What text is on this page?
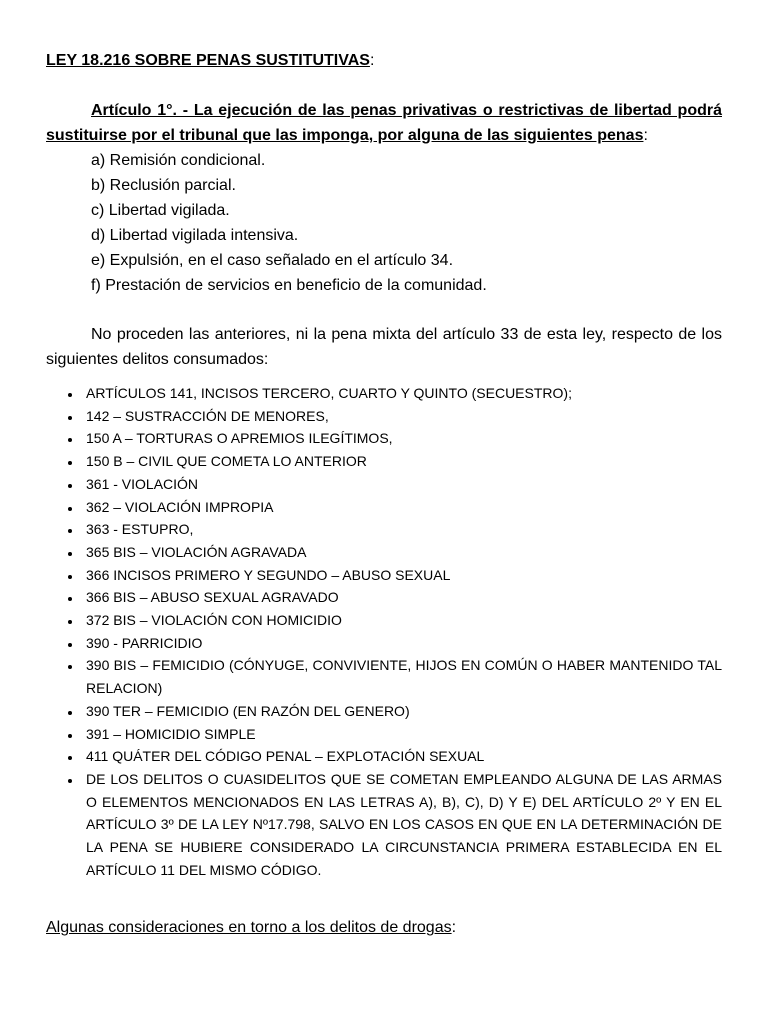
LEY 18.216 SOBRE PENAS SUSTITUTIVAS:

Artículo 1°. - La ejecución de las penas privativas o restrictivas de libertad podrá sustituirse por el tribunal que las imponga, por alguna de las siguientes penas:

a) Remisión condicional.
b) Reclusión parcial.
c) Libertad vigilada.
d) Libertad vigilada intensiva.
e) Expulsión, en el caso señalado en el artículo 34.
f) Prestación de servicios en beneficio de la comunidad.

No proceden las anteriores, ni la pena mixta del artículo 33 de esta ley, respecto de los siguientes delitos consumados:

• ARTÍCULOS 141, INCISOS TERCERO, CUARTO Y QUINTO (SECUESTRO);
• 142 – SUSTRACCIÓN DE MENORES,
• 150 A – TORTURAS O APREMIOS ILEGÍTIMOS,
• 150 B – CIVIL QUE COMETA LO ANTERIOR
• 361 - VIOLACIÓN
• 362 – VIOLACIÓN IMPROPIA
• 363 - ESTUPRO,
• 365 BIS – VIOLACIÓN AGRAVADA
• 366 INCISOS PRIMERO Y SEGUNDO – ABUSO SEXUAL
• 366 BIS – ABUSO SEXUAL AGRAVADO
• 372 BIS – VIOLACIÓN CON HOMICIDIO
• 390 - PARRICIDIO
• 390 BIS – FEMICIDIO (CÓNYUGE, CONVIVIENTE, HIJOS EN COMÚN O HABER MANTENIDO TAL RELACION)
• 390 TER – FEMICIDIO (EN RAZÓN DEL GENERO)
• 391 – HOMICIDIO SIMPLE
• 411 QUÁTER DEL CÓDIGO PENAL – EXPLOTACIÓN SEXUAL
• DE LOS DELITOS O CUASIDELITOS QUE SE COMETAN EMPLEANDO ALGUNA DE LAS ARMAS O ELEMENTOS MENCIONADOS EN LAS LETRAS A), B), C), D) Y E) DEL ARTÍCULO 2º Y EN EL ARTÍCULO 3º DE LA LEY Nº17.798, SALVO EN LOS CASOS EN QUE EN LA DETERMINACIÓN DE LA PENA SE HUBIERE CONSIDERADO LA CIRCUNSTANCIA PRIMERA ESTABLECIDA EN EL ARTÍCULO 11 DEL MISMO CÓDIGO.
Algunas consideraciones en torno a los delitos de drogas:
